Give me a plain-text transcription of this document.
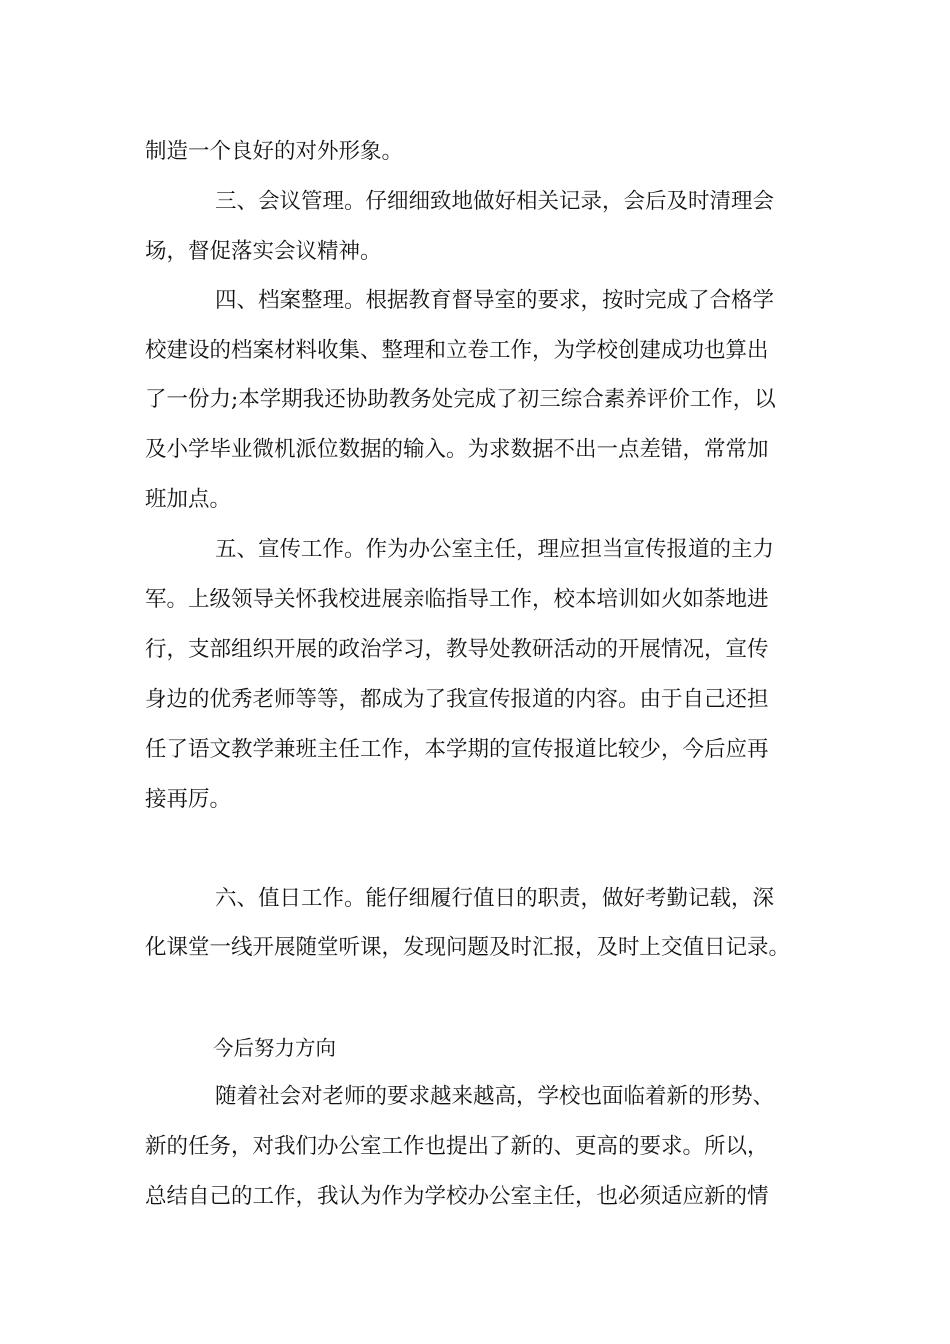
制造一个良好的对外形象。
三、会议管理。仔细细致地做好相关记录，会后及时清理会
场，督促落实会议精神。
四、档案整理。根据教育督导室的要求，按时完成了合格学
校建设的档案材料收集、整理和立卷工作，为学校创建成功也算出
了一份力;本学期我还协助教务处完成了初三综合素养评价工作，以
及小学毕业微机派位数据的输入。为求数据不出一点差错，常常加
班加点。
五、宣传工作。作为办公室主任，理应担当宣传报道的主力
军。上级领导关怀我校进展亲临指导工作，校本培训如火如荼地进
行，支部组织开展的政治学习，教导处教研活动的开展情况，宣传
身边的优秀老师等等，都成为了我宣传报道的内容。由于自己还担
任了语文教学兼班主任工作，本学期的宣传报道比较少，今后应再
接再厉。
六、值日工作。能仔细履行值日的职责，做好考勤记载，深
化课堂一线开展随堂听课，发现问题及时汇报，及时上交值日记录。
今后努力方向
随着社会对老师的要求越来越高，学校也面临着新的形势、
新的任务，对我们办公室工作也提出了新的、更高的要求。所以，
总结自己的工作，我认为作为学校办公室主任，也必须适应新的情
